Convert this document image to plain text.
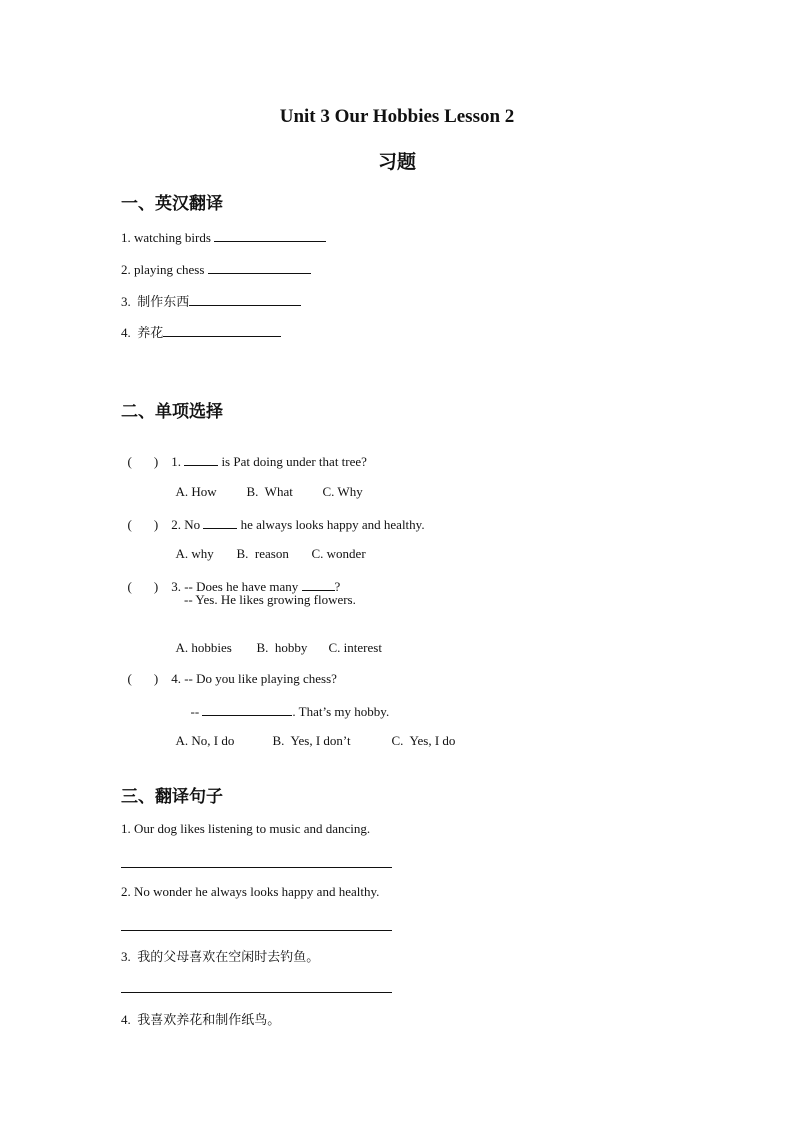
Unit 3 Our Hobbies Lesson 2
习题
一、英汉翻译
1. watching birds
2. playing chess
3.  制作东西
4.  养花
二、单项选择

( ) 1.	is Pat doing under that tree?

A. How B.  What C. Why

( ) 2. No	he always looks happy and healthy.

A. why B.  reason C. wonder

( ) 3. -- Does he have many	?

-- Yes. He likes growing flowers.

A. hobbies B.  hobby C. interest

( ) 4. -- Do you like playing chess?

--	. That’s my hobby.

A. No, I do	B.  Yes, I don’t	C.  Yes, I do

三、翻译句子
1. Our dog likes listening to music and dancing.
2. No wonder he always looks happy and healthy.
3.  我的父母喜欢在空闲时去钓鱼。
4.  我喜欢养花和制作纸鸟。
